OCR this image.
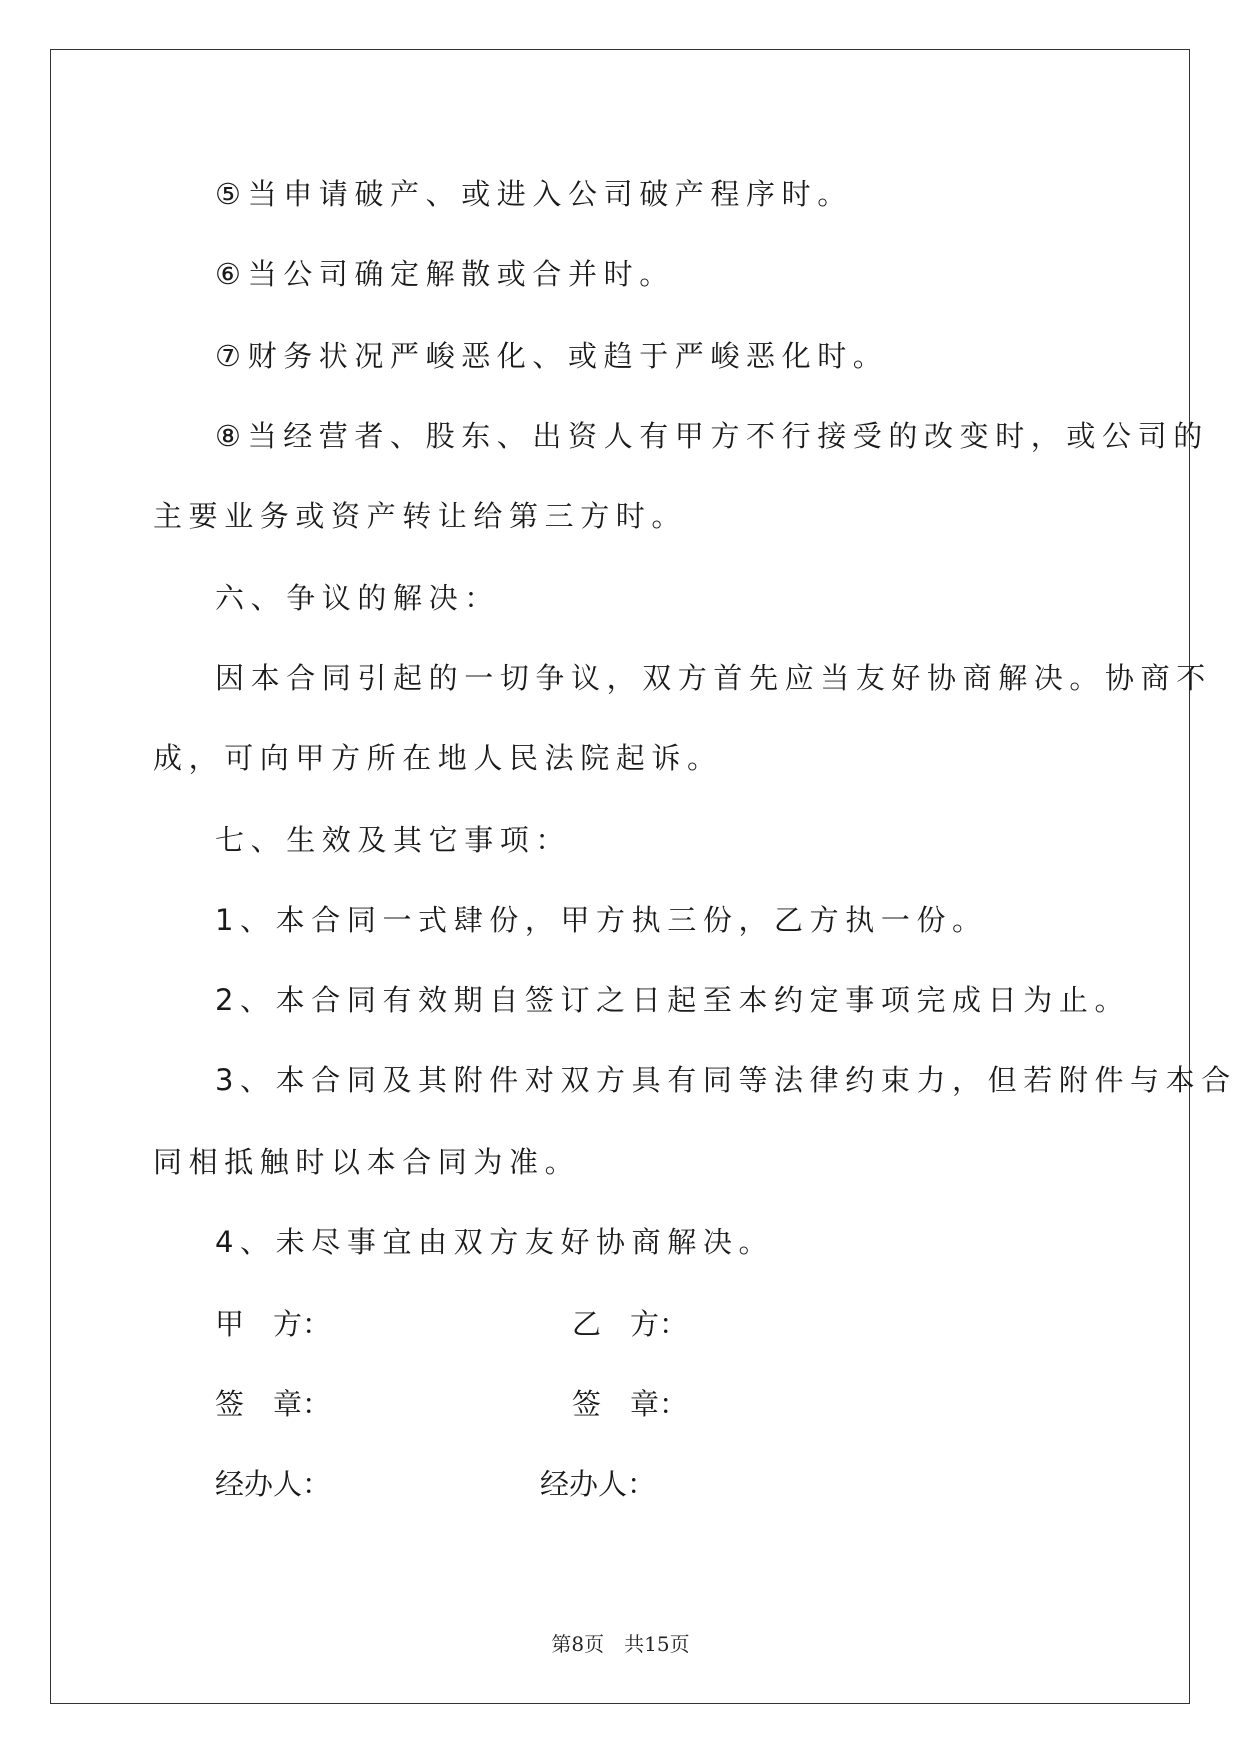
⑤当申请破产、或进入公司破产程序时。
⑥当公司确定解散或合并时。
⑦财务状况严峻恶化、或趋于严峻恶化时。
⑧当经营者、股东、出资人有甲方不行接受的改变时，或公司的
主要业务或资产转让给第三方时。
六、争议的解决：
因本合同引起的一切争议，双方首先应当友好协商解决。协商不
成，可向甲方所在地人民法院起诉。
七、生效及其它事项：
1、本合同一式肆份，甲方执三份，乙方执一份。
2、本合同有效期自签订之日起至本约定事项完成日为止。
3、本合同及其附件对双方具有同等法律约束力，但若附件与本合
同相抵触时以本合同为准。
4、未尽事宜由双方友好协商解决。
甲　方：	乙　方：
签　章：	签　章：
经办人：	经办人：
第8页　共15页
